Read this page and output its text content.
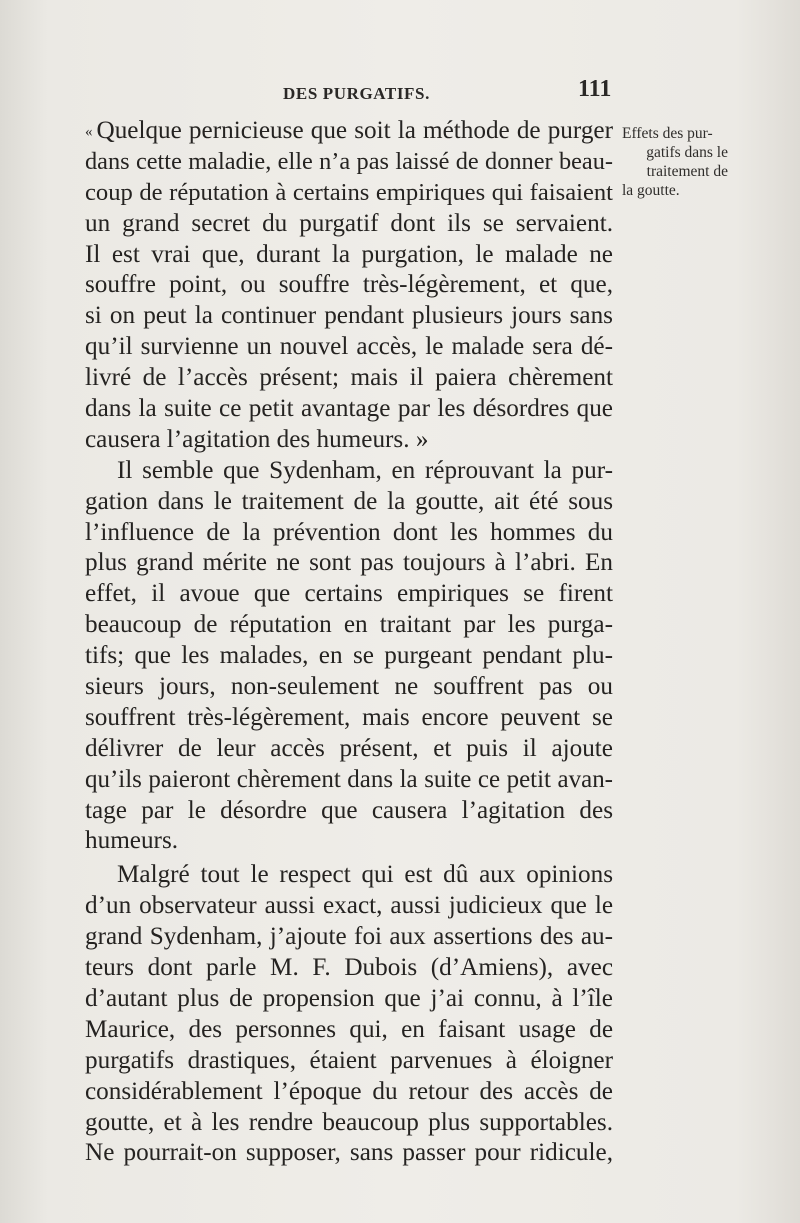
DES PURGATIFS.	111

Effets des pur-
gatifs dans le
traitement de
la goutte.

« Quelque pernicieuse que soit la méthode de purger
dans cette maladie, elle n’a pas laissé de donner beau-
coup de réputation à certains empiriques qui faisaient
un grand secret du purgatif dont ils se servaient.
Il est vrai que, durant la purgation, le malade ne
souffre point, ou souffre très-légèrement, et que,
si on peut la continuer pendant plusieurs jours sans
qu’il survienne un nouvel accès, le malade sera dé-
livré de l’accès présent; mais il paiera chèrement
dans la suite ce petit avantage par les désordres que
causera l’agitation des humeurs. »
Il semble que Sydenham, en réprouvant la pur-
gation dans le traitement de la goutte, ait été sous
l’influence de la prévention dont les hommes du
plus grand mérite ne sont pas toujours à l’abri. En
effet, il avoue que certains empiriques se firent
beaucoup de réputation en traitant par les purga-
tifs; que les malades, en se purgeant pendant plu-
sieurs jours, non-seulement ne souffrent pas ou
souffrent très-légèrement, mais encore peuvent se
délivrer de leur accès présent, et puis il ajoute
qu’ils paieront chèrement dans la suite ce petit avan-
tage par le désordre que causera l’agitation des
humeurs.
Malgré tout le respect qui est dû aux opinions
d’un observateur aussi exact, aussi judicieux que le
grand Sydenham, j’ajoute foi aux assertions des au-
teurs dont parle M. F. Dubois (d’Amiens), avec
d’autant plus de propension que j’ai connu, à l’île
Maurice, des personnes qui, en faisant usage de
purgatifs drastiques, étaient parvenues à éloigner
considérablement l’époque du retour des accès de
goutte, et à les rendre beaucoup plus supportables.
Ne pourrait-on supposer, sans passer pour ridicule,
